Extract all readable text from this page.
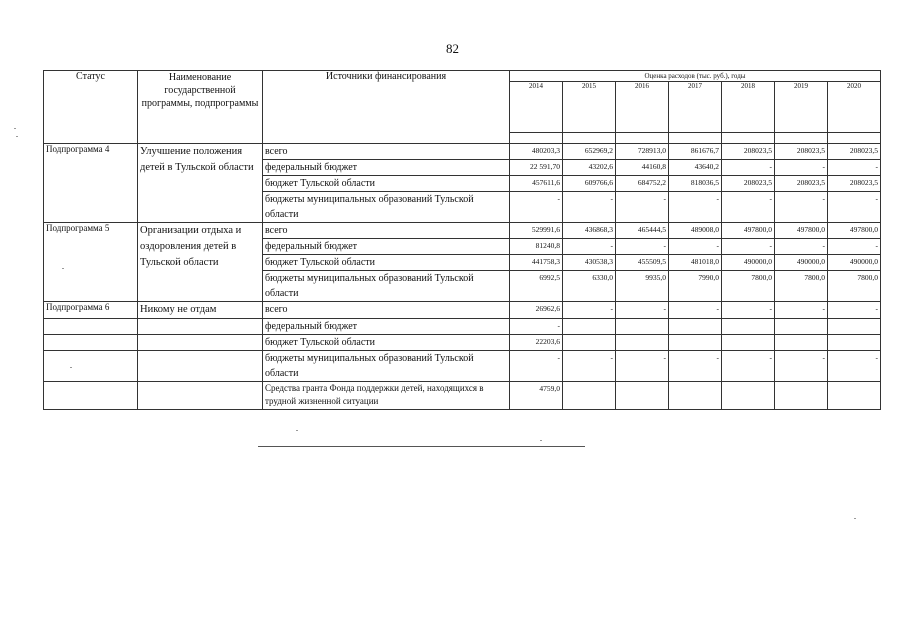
82
Статус	Наименование государственной программы, подпрограммы	Источники финансирования	Оценка расходов (тыс. руб.), годы						
			2014	2015	2016	2017	2018	2019	2020

Подпрограмма 4	Улучшение положения детей в Тульской области	всего	480203,3	652969,2	728913,0	861676,7	208023,5	208023,5	208023,5
		федеральный бюджет	22 591,70	43202,6	44160,8	43640,2	-	-	-
		бюджет Тульской области	457611,6	609766,6	684752,2	818036,5	208023,5	208023,5	208023,5
		бюджеты муниципальных образований Тульской области	-	-	-	-	-	-	-
Подпрограмма 5	Организации отдыха и оздоровления детей в Тульской области	всего	529991,6	436868,3	465444,5	489008,0	497800,0	497800,0	497800,0
		федеральный бюджет	81240,8	-	-	-	-	-	-
		бюджет Тульской области	441758,3	430538,3	455509,5	481018,0	490000,0	490000,0	490000,0
		бюджеты муниципальных образований Тульской области	6992,5	6330,0	9935,0	7990,0	7800,0	7800,0	7800,0
Подпрограмма 6	Никому не отдам	всего	26962,6	-	-	-	-	-	-
		федеральный бюджет	-						
		бюджет Тульской области	22203,6						
		бюджеты муниципальных образований Тульской области	-	-	-	-	-	-	-
		Средства гранта Фонда поддержки детей, находящихся в трудной жизненной ситуации	4759,0						
